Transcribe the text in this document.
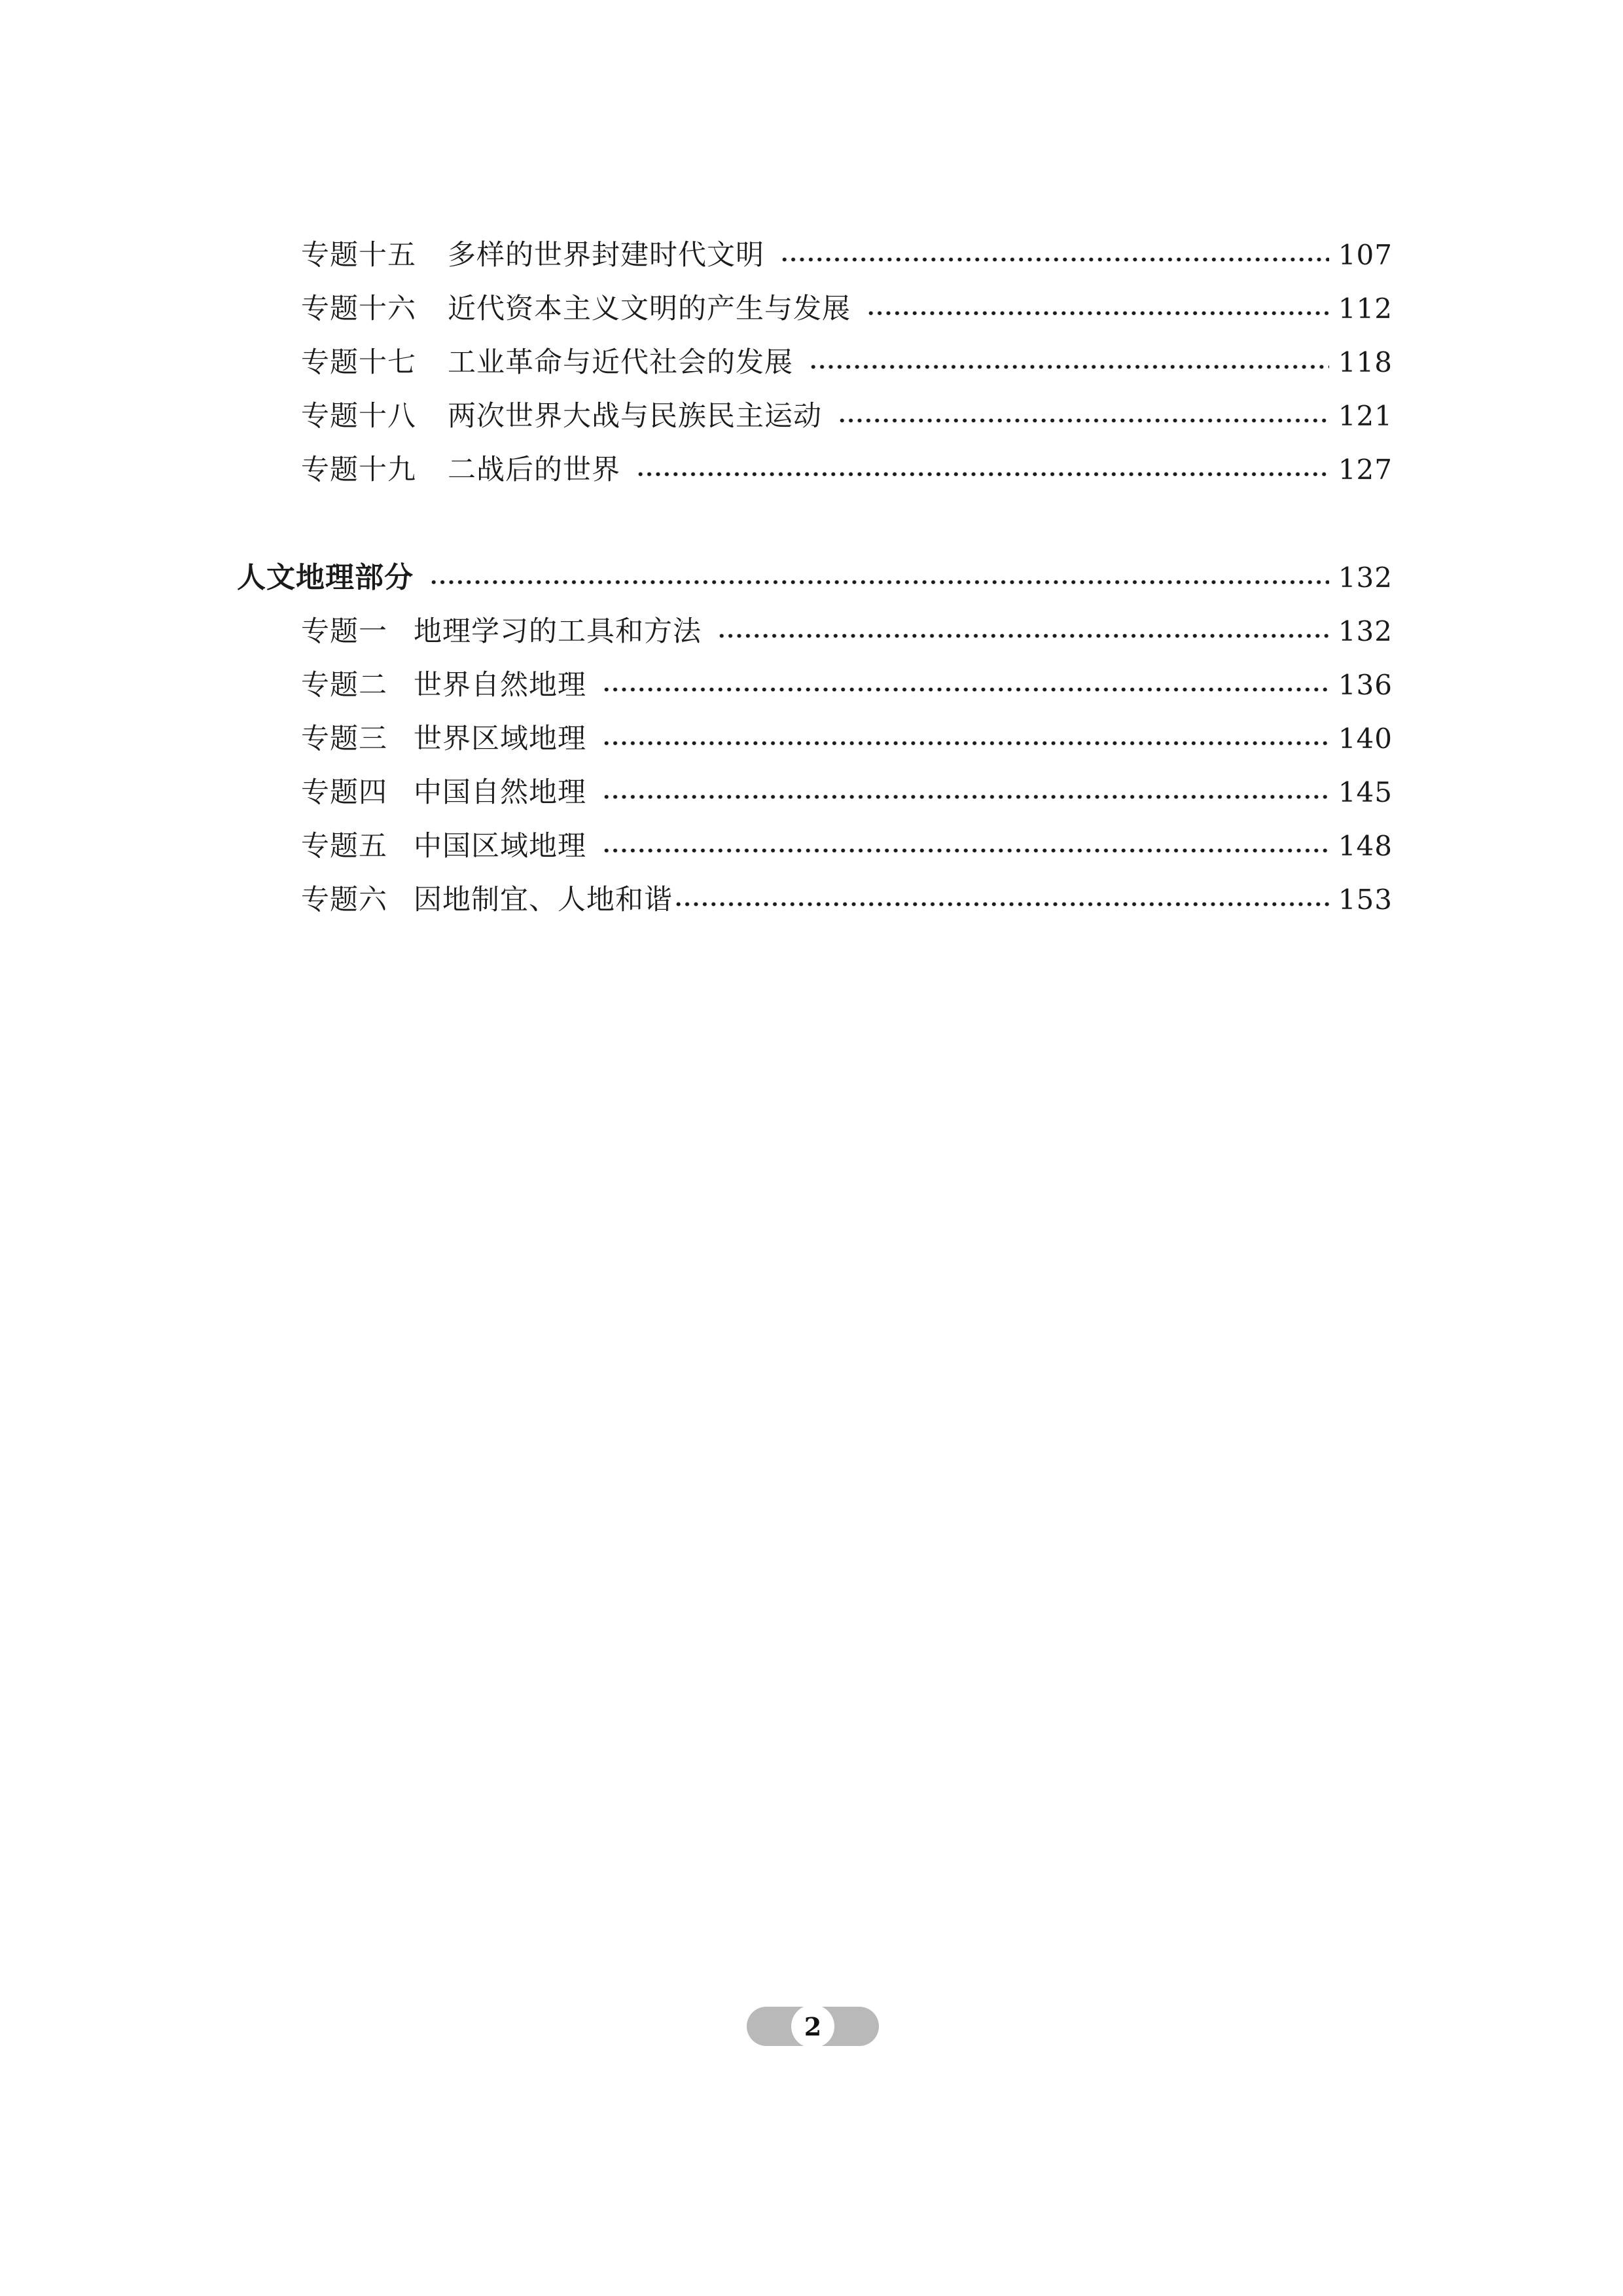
专题十五 多样的世界封建时代文明	107
专题十六 近代资本主义文明的产生与发展	112
专题十七 工业革命与近代社会的发展	118
专题十八 两次世界大战与民族民主运动	121
专题十九 二战后的世界	127
人文地理部分	132
专题一 地理学习的工具和方法	132
专题二 世界自然地理	136
专题三 世界区域地理	140
专题四 中国自然地理	145
专题五 中国区域地理	148
专题六 因地制宜、人地和谐	153
2
